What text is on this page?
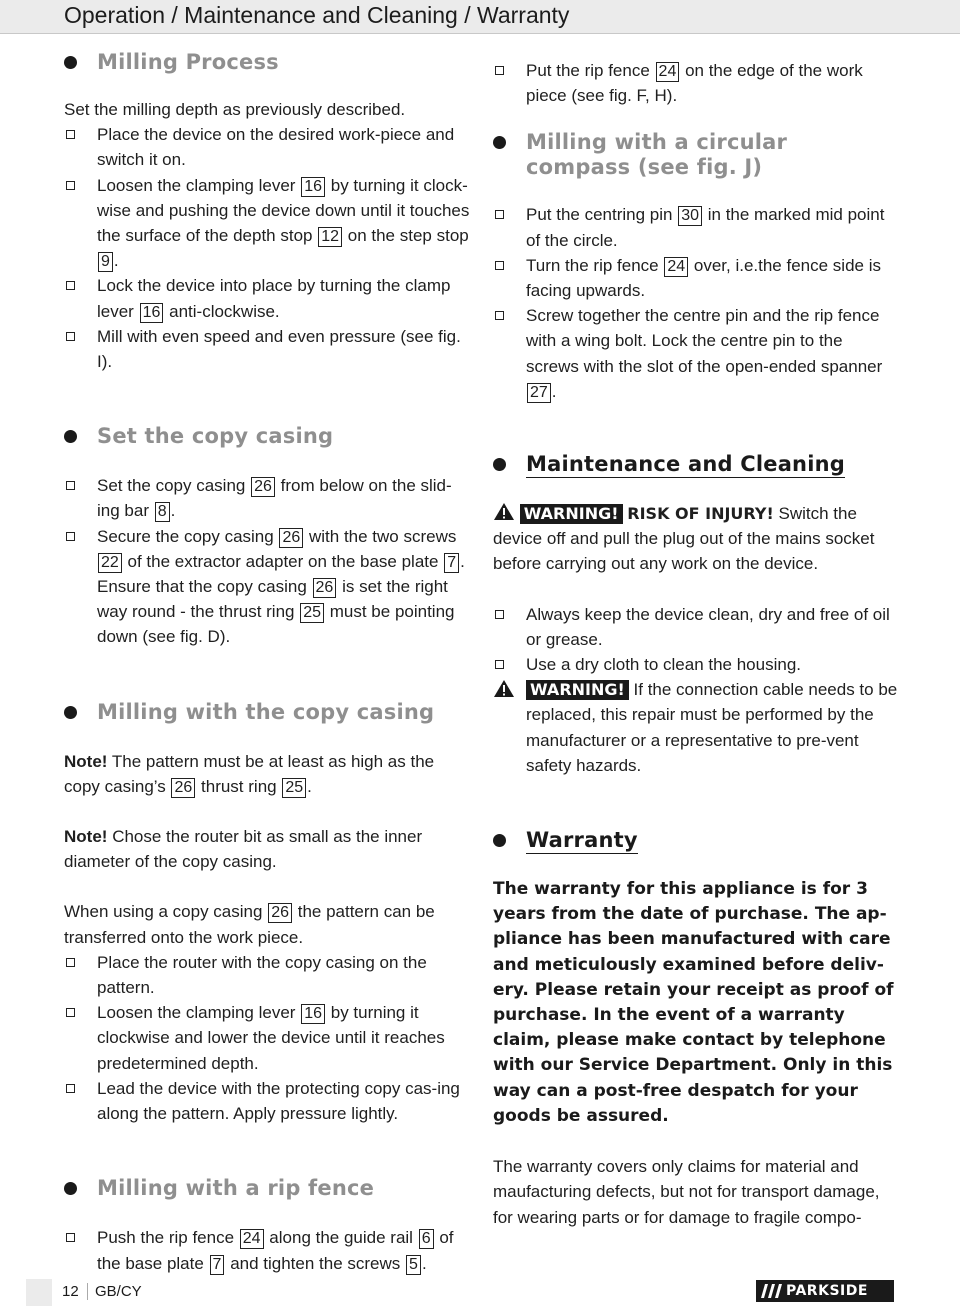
Operation / Maintenance and Cleaning / Warranty
Milling Process
Set the milling depth as previously described.
Place the device on the desired work-piece and switch it on.
Loosen the clamping lever 16 by turning it clock-wise and pushing the device down until it touches the surface of the depth stop 12 on the step stop 9 .
Lock the device into place by turning the clamp lever 16 anti-clockwise.
Mill with even speed and even pressure (see fig. I).
Set the copy casing
Set the copy casing 26 from below on the slid-ing bar 8 .
Secure the copy casing 26 with the two screws 22 of the extractor adapter on the base plate 7 . Ensure that the copy casing 26 is set the right way round - the thrust ring 25 must be pointing down (see fig. D).
Milling with the copy casing
Note! The pattern must be at least as high as the copy casing’s 26 thrust ring 25 .
Note! Chose the router bit as small as the inner diameter of the copy casing.
When using a copy casing 26 the pattern can be transferred onto the work piece.
Place the router with the copy casing on the pattern.
Loosen the clamping lever 16 by turning it clockwise and lower the device until it reaches predetermined depth.
Lead the device with the protecting copy cas-ing along the pattern. Apply pressure lightly.
Milling with a rip fence
Push the rip fence 24 along the guide rail 6 of the base plate 7 and tighten the screws 5 .
Put the rip fence 24 on the edge of the work piece (see fig. F, H).
Milling with a circular compass (see fig. J)
Put the centring pin 30 in the marked mid point of the circle.
Turn the rip fence 24 over, i.e.the fence side is facing upwards.
Screw together the centre pin and the rip fence with a wing bolt. Lock the centre pin to the screws with the slot of the open-ended spanner 27 .
Maintenance and Cleaning
WARNING! RISK OF INJURY! Switch the device off and pull the plug out of the mains socket before carrying out any work on the device.
Always keep the device clean, dry and free of oil or grease.
Use a dry cloth to clean the housing.
WARNING! If the connection cable needs to be replaced, this repair must be performed by the manufacturer or a representative to pre-vent safety hazards.
Warranty
The warranty for this appliance is for 3 years from the date of purchase. The ap-pliance has been manufactured with care and meticulously examined before deliv-ery. Please retain your receipt as proof of purchase. In the event of a warranty claim, please make contact by telephone with our Service Department. Only in this way can a post-free despatch for your goods be assured.
The warranty covers only claims for material and maufacturing defects, but not for transport damage, for wearing parts or for damage to fragile compo-
12	GB/CY	PARKSIDE
